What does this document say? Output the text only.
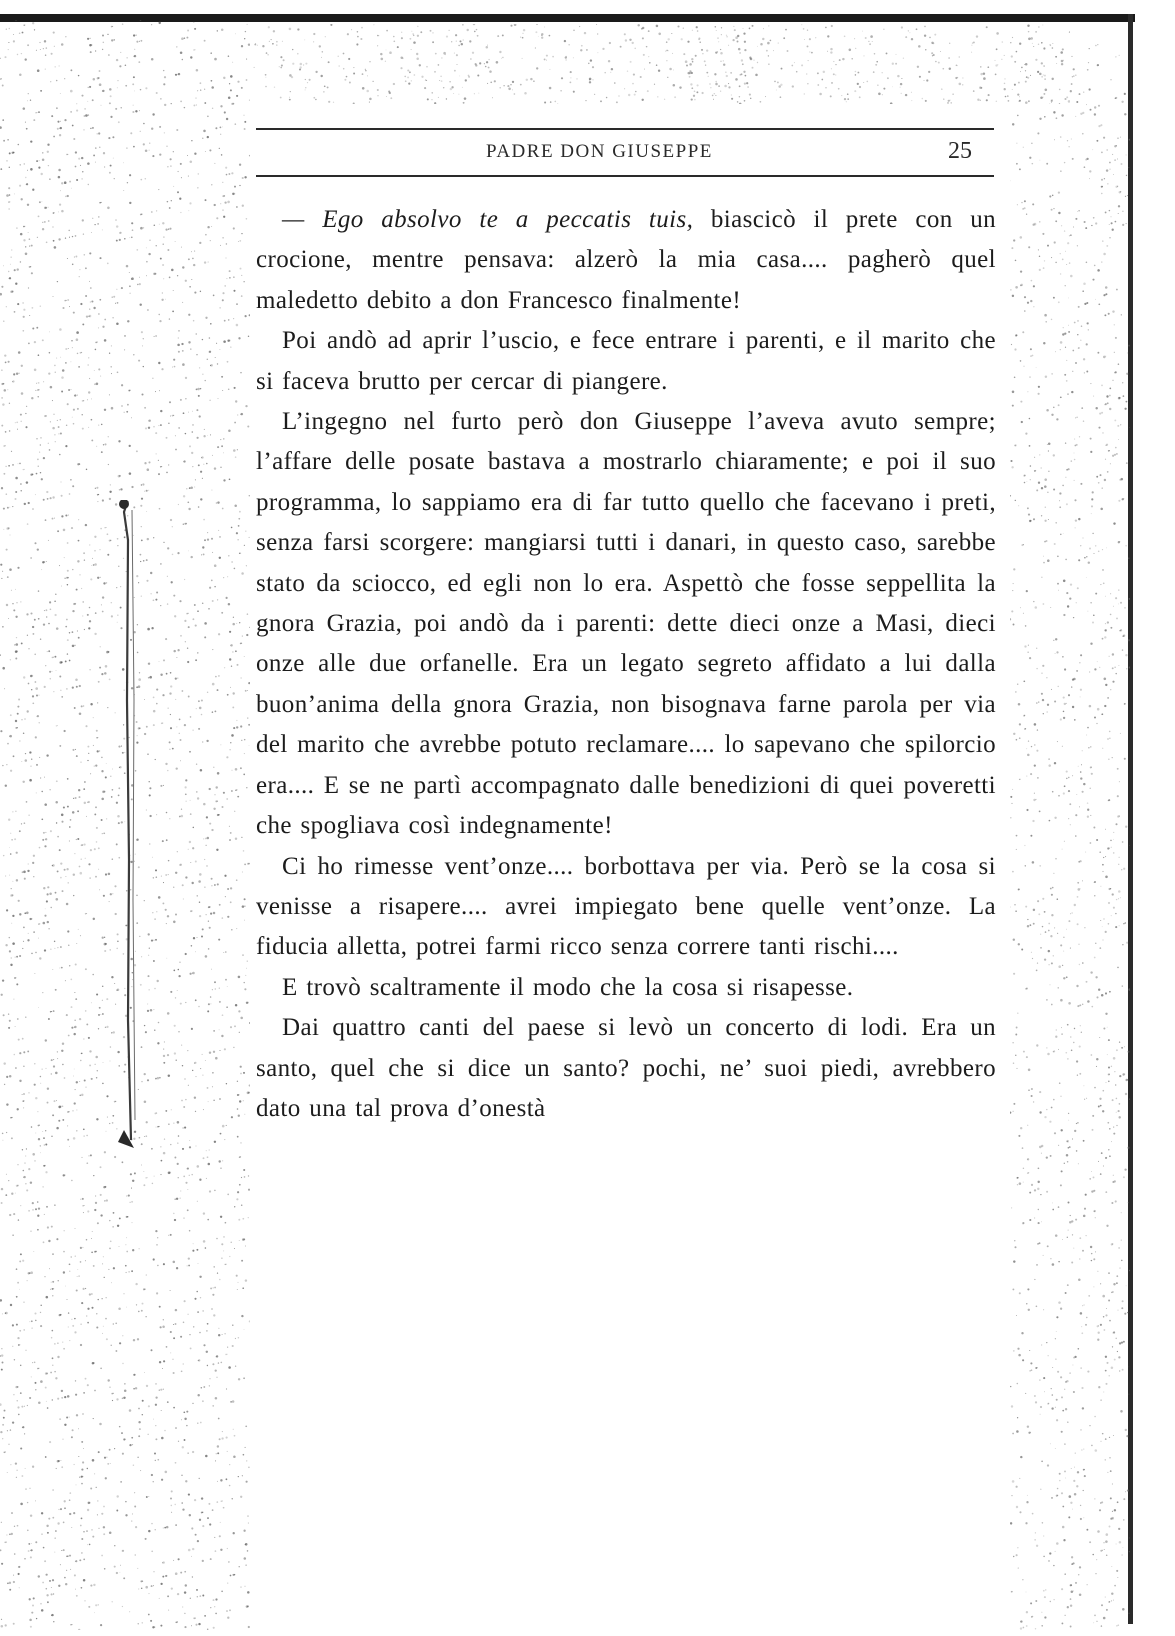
PADRE DON GIUSEPPE	25

— Ego absolvo te a peccatis tuis, biascicò il prete con un crocione, mentre pensava: alzerò la mia casa.... pagherò quel maledetto debito a don Francesco finalmente!

Poi andò ad aprir l’uscio, e fece entrare i parenti, e il marito che si faceva brutto per cercar di piangere.

L’ingegno nel furto però don Giuseppe l’aveva avuto sempre; l’affare delle posate bastava a mostrarlo chiaramente; e poi il suo programma, lo sappiamo era di far tutto quello che facevano i preti, senza farsi scorgere: mangiarsi tutti i danari, in questo caso, sarebbe stato da sciocco, ed egli non lo era. Aspettò che fosse seppellita la gnora Grazia, poi andò da i parenti: dette dieci onze a Masi, dieci onze alle due orfanelle. Era un legato segreto affidato a lui dalla buon’anima della gnora Grazia, non bisognava farne parola per via del marito che avrebbe potuto reclamare.... lo sapevano che spilorcio era.... E se ne partì accompagnato dalle benedizioni di quei poveretti che spogliava così indegnamente!

Ci ho rimesse vent’onze.... borbottava per via. Però se la cosa si venisse a risapere.... avrei impiegato bene quelle vent’onze. La fiducia alletta, potrei farmi ricco senza correre tanti rischi....

E trovò scaltramente il modo che la cosa si risapesse.

Dai quattro canti del paese si levò un concerto di lodi. Era un santo, quel che si dice un santo? pochi, ne’ suoi piedi, avrebbero dato una tal prova d’onestà
